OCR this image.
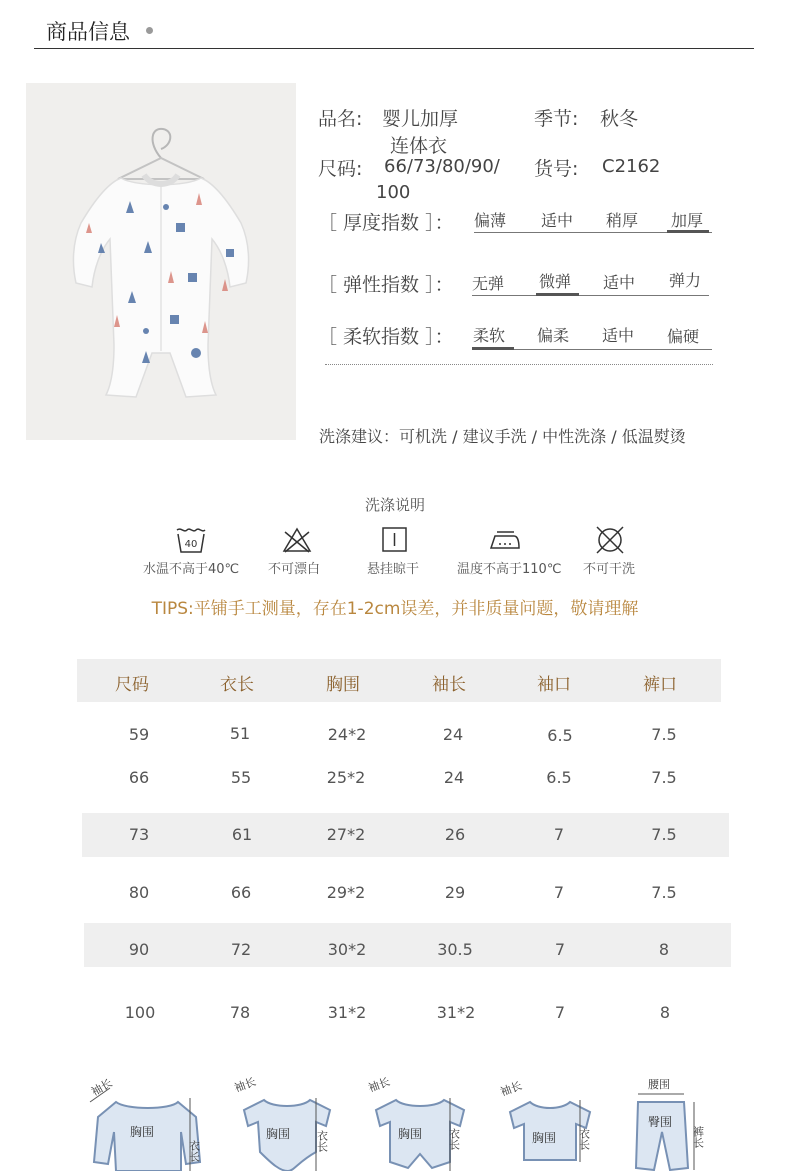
商品信息
品名: 婴儿加厚
连体衣
季节: 秋冬
尺码: 66/73/80/90/
100
货号: C2162
［ 厚度指数 ］： 偏薄 适中 稍厚 加厚
［ 弹性指数 ］： 无弹 微弹 适中 弹力
［ 柔软指数 ］： 柔软 偏柔 适中 偏硬
洗涤建议：可机洗 / 建议手洗 / 中性洗涤 / 低温熨烫
洗涤说明
40
水温不高于40℃ 不可漂白	悬挂晾干	温度不高于110℃ 不可干洗
TIPS:平铺手工测量，存在1-2cm误差，并非质量问题，敬请理解
尺码	衣长	胸围	袖长	袖口	裤口
59	51	24*2	24	6.5	7.5
66	55	25*2	24	6.5	7.5
73	61	27*2	26	7	7.5
80	66	29*2	29	7	7.5
90	72	30*2	30.5	7	8
100	78	31*2	31*2	7	8
袖长
胸围
衣长
袖长
胸围 衣长
袖长
胸围 衣长
袖长
胸围 衣长
腰围
臀围
裤长
